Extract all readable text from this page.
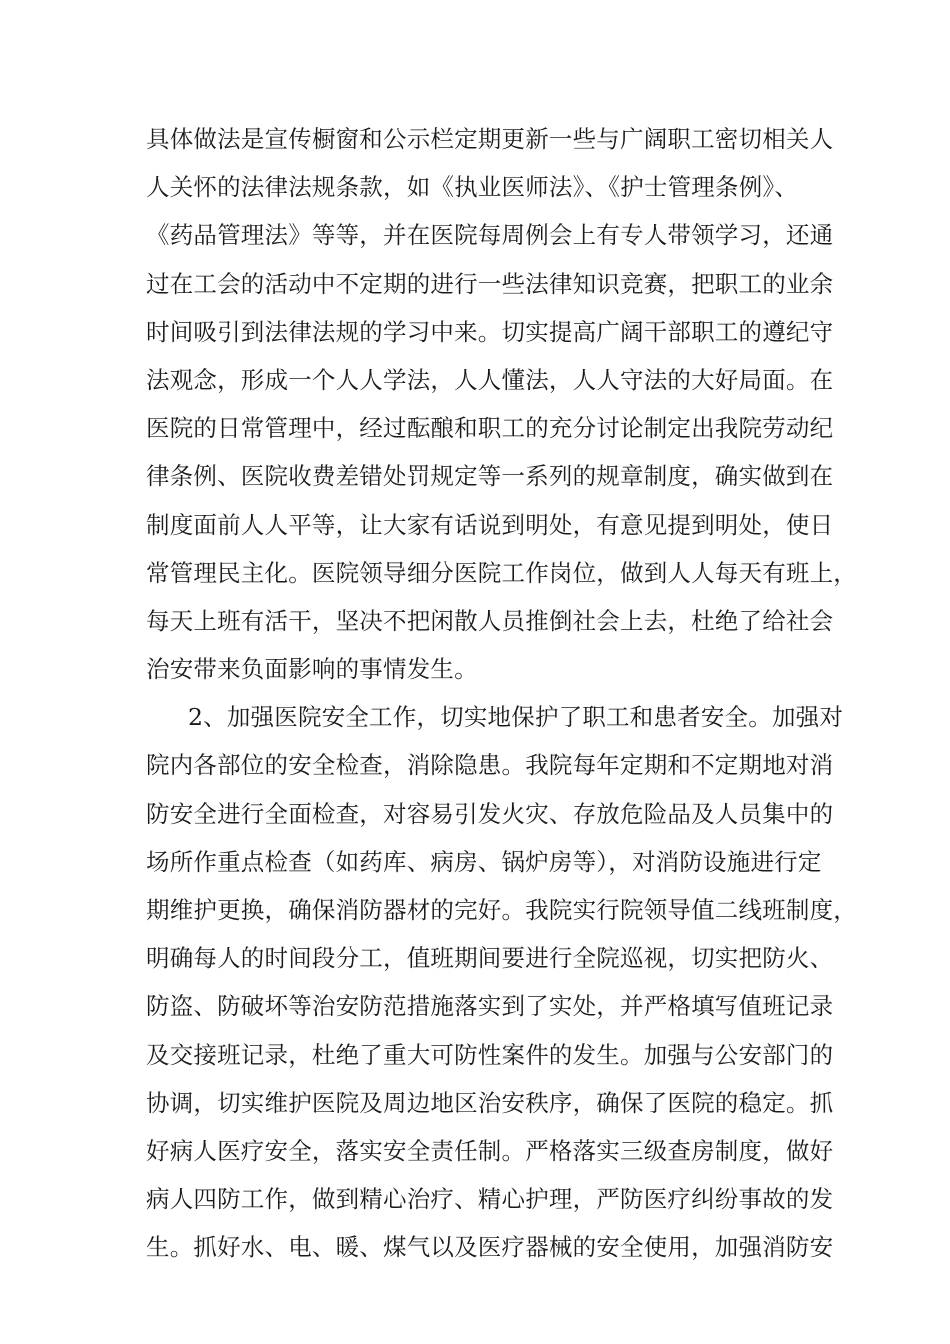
具体做法是宣传橱窗和公示栏定期更新一些与广阔职工密切相关人
人关怀的法律法规条款，如《执业医师法》、《护士管理条例》、
《药品管理法》等等，并在医院每周例会上有专人带领学习，还通
过在工会的活动中不定期的进行一些法律知识竞赛，把职工的业余
时间吸引到法律法规的学习中来。切实提高广阔干部职工的遵纪守
法观念，形成一个人人学法，人人懂法，人人守法的大好局面。在
医院的日常管理中，经过酝酿和职工的充分讨论制定出我院劳动纪
律条例、医院收费差错处罚规定等一系列的规章制度，确实做到在
制度面前人人平等，让大家有话说到明处，有意见提到明处，使日
常管理民主化。医院领导细分医院工作岗位，做到人人每天有班上，
每天上班有活干，坚决不把闲散人员推倒社会上去，杜绝了给社会
治安带来负面影响的事情发生。
2、加强医院安全工作，切实地保护了职工和患者安全。加强对
院内各部位的安全检查，消除隐患。我院每年定期和不定期地对消
防安全进行全面检查，对容易引发火灾、存放危险品及人员集中的
场所作重点检查（如药库、病房、锅炉房等），对消防设施进行定
期维护更换，确保消防器材的完好。我院实行院领导值二线班制度，
明确每人的时间段分工，值班期间要进行全院巡视，切实把防火、
防盗、防破坏等治安防范措施落实到了实处，并严格填写值班记录
及交接班记录，杜绝了重大可防性案件的发生。加强与公安部门的
协调，切实维护医院及周边地区治安秩序，确保了医院的稳定。抓
好病人医疗安全，落实安全责任制。严格落实三级查房制度，做好
病人四防工作，做到精心治疗、精心护理，严防医疗纠纷事故的发
生。抓好水、电、暖、煤气以及医疗器械的安全使用，加强消防安
